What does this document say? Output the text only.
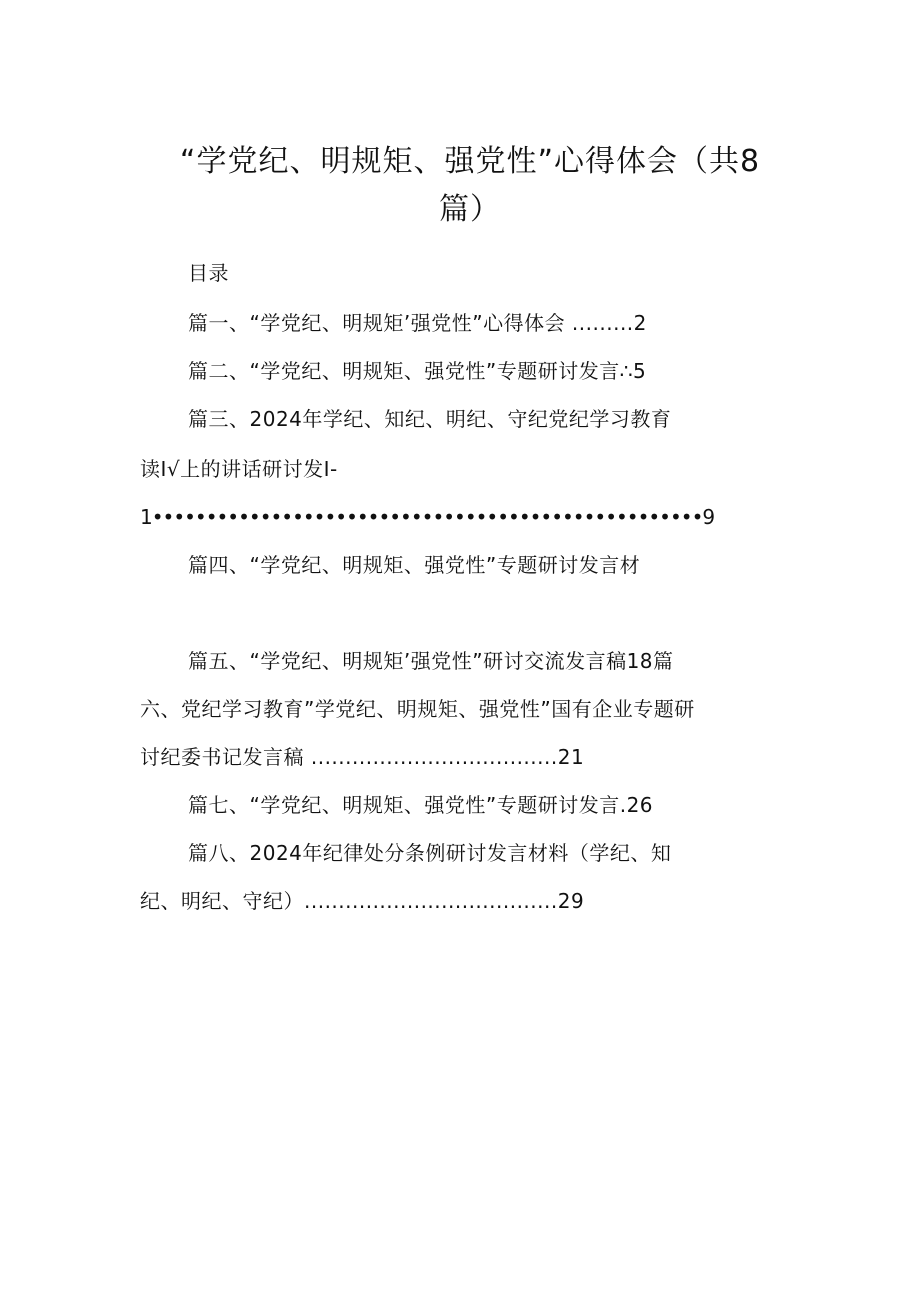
“学党纪、明规矩、强党性”心得体会（共8
篇）
目录
篇一、“学党纪、明规矩’强党性”心得体会 .........2
篇二、“学党纪、明规矩、强党性”专题研讨发言∴5
篇三、2024年学纪、知纪、明纪、守纪党纪学习教育
读I√上的讲话研讨发I-
1•••••••••••••••••••••••••••••••••••••••••••••••••••9
篇四、“学党纪、明规矩、强党性”专题研讨发言材
篇五、“学党纪、明规矩’强党性”研讨交流发言稿18篇
六、党纪学习教育”学党纪、明规矩、强党性”国有企业专题研
讨纪委书记发言稿 ....................................21
篇七、“学党纪、明规矩、强党性”专题研讨发言.26
篇八、2024年纪律处分条例研讨发言材料（学纪、知
纪、明纪、守纪）.....................................29
